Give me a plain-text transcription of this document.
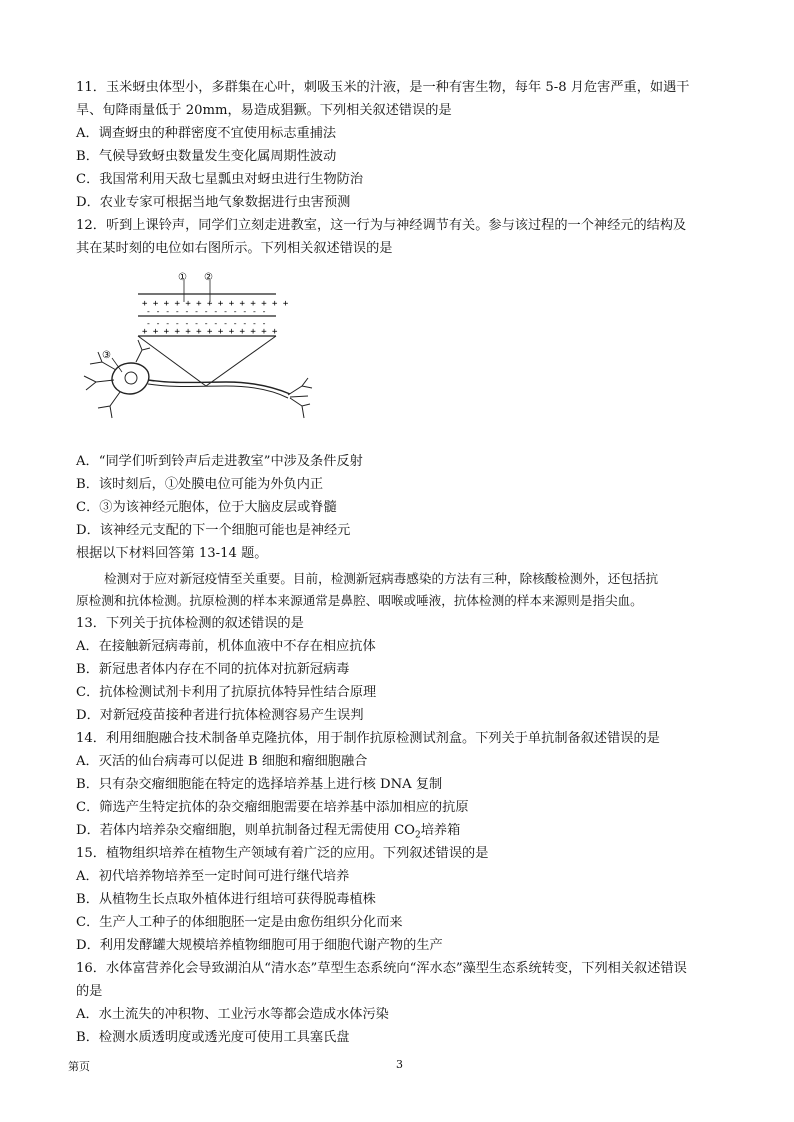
11．玉米蚜虫体型小，多群集在心叶，刺吸玉米的汁液，是一种有害生物，每年 5-8 月危害严重，如遇干
旱、旬降雨量低于 20mm，易造成猖獗。下列相关叙述错误的是
A．调查蚜虫的种群密度不宜使用标志重捕法
B．气候导致蚜虫数量发生变化属周期性波动
C．我国常利用天敌七星瓢虫对蚜虫进行生物防治
D．农业专家可根据当地气象数据进行虫害预测
12．听到上课铃声，同学们立刻走进教室，这一行为与神经调节有关。参与该过程的一个神经元的结构及
其在某时刻的电位如右图所示。下列相关叙述错误的是
+ + + + + + + + + + + + + +
- - - - - - - - - - - - -
- - - - - - - - - - - - -
+ + + + + + + + + + + + +
① ②
③
A．“同学们听到铃声后走进教室”中涉及条件反射
B．该时刻后，①处膜电位可能为外负内正
C．③为该神经元胞体，位于大脑皮层或脊髓
D．该神经元支配的下一个细胞可能也是神经元
根据以下材料回答第 13-14 题。
检测对于应对新冠疫情至关重要。目前，检测新冠病毒感染的方法有三种，除核酸检测外，还包括抗
原检测和抗体检测。抗原检测的样本来源通常是鼻腔、咽喉或唾液，抗体检测的样本来源则是指尖血。
13．下列关于抗体检测的叙述错误的是
A．在接触新冠病毒前，机体血液中不存在相应抗体
B．新冠患者体内存在不同的抗体对抗新冠病毒
C．抗体检测试剂卡利用了抗原抗体特异性结合原理
D．对新冠疫苗接种者进行抗体检测容易产生误判
14．利用细胞融合技术制备单克隆抗体，用于制作抗原检测试剂盒。下列关于单抗制备叙述错误的是
A．灭活的仙台病毒可以促进 B 细胞和瘤细胞融合
B．只有杂交瘤细胞能在特定的选择培养基上进行核 DNA 复制
C．筛选产生特定抗体的杂交瘤细胞需要在培养基中添加相应的抗原
D．若体内培养杂交瘤细胞，则单抗制备过程无需使用 $CO_2$培养箱
15．植物组织培养在植物生产领域有着广泛的应用。下列叙述错误的是
A．初代培养物培养至一定时间可进行继代培养
B．从植物生长点取外植体进行组培可获得脱毒植株
C．生产人工种子的体细胞胚一定是由愈伤组织分化而来
D．利用发酵罐大规模培养植物细胞可用于细胞代谢产物的生产
16．水体富营养化会导致湖泊从“清水态”草型生态系统向“浑水态”藻型生态系统转变，下列相关叙述错误
的是
A．水土流失的冲积物、工业污水等都会造成水体污染
B．检测水质透明度或透光度可使用工具塞氏盘
第页	3
